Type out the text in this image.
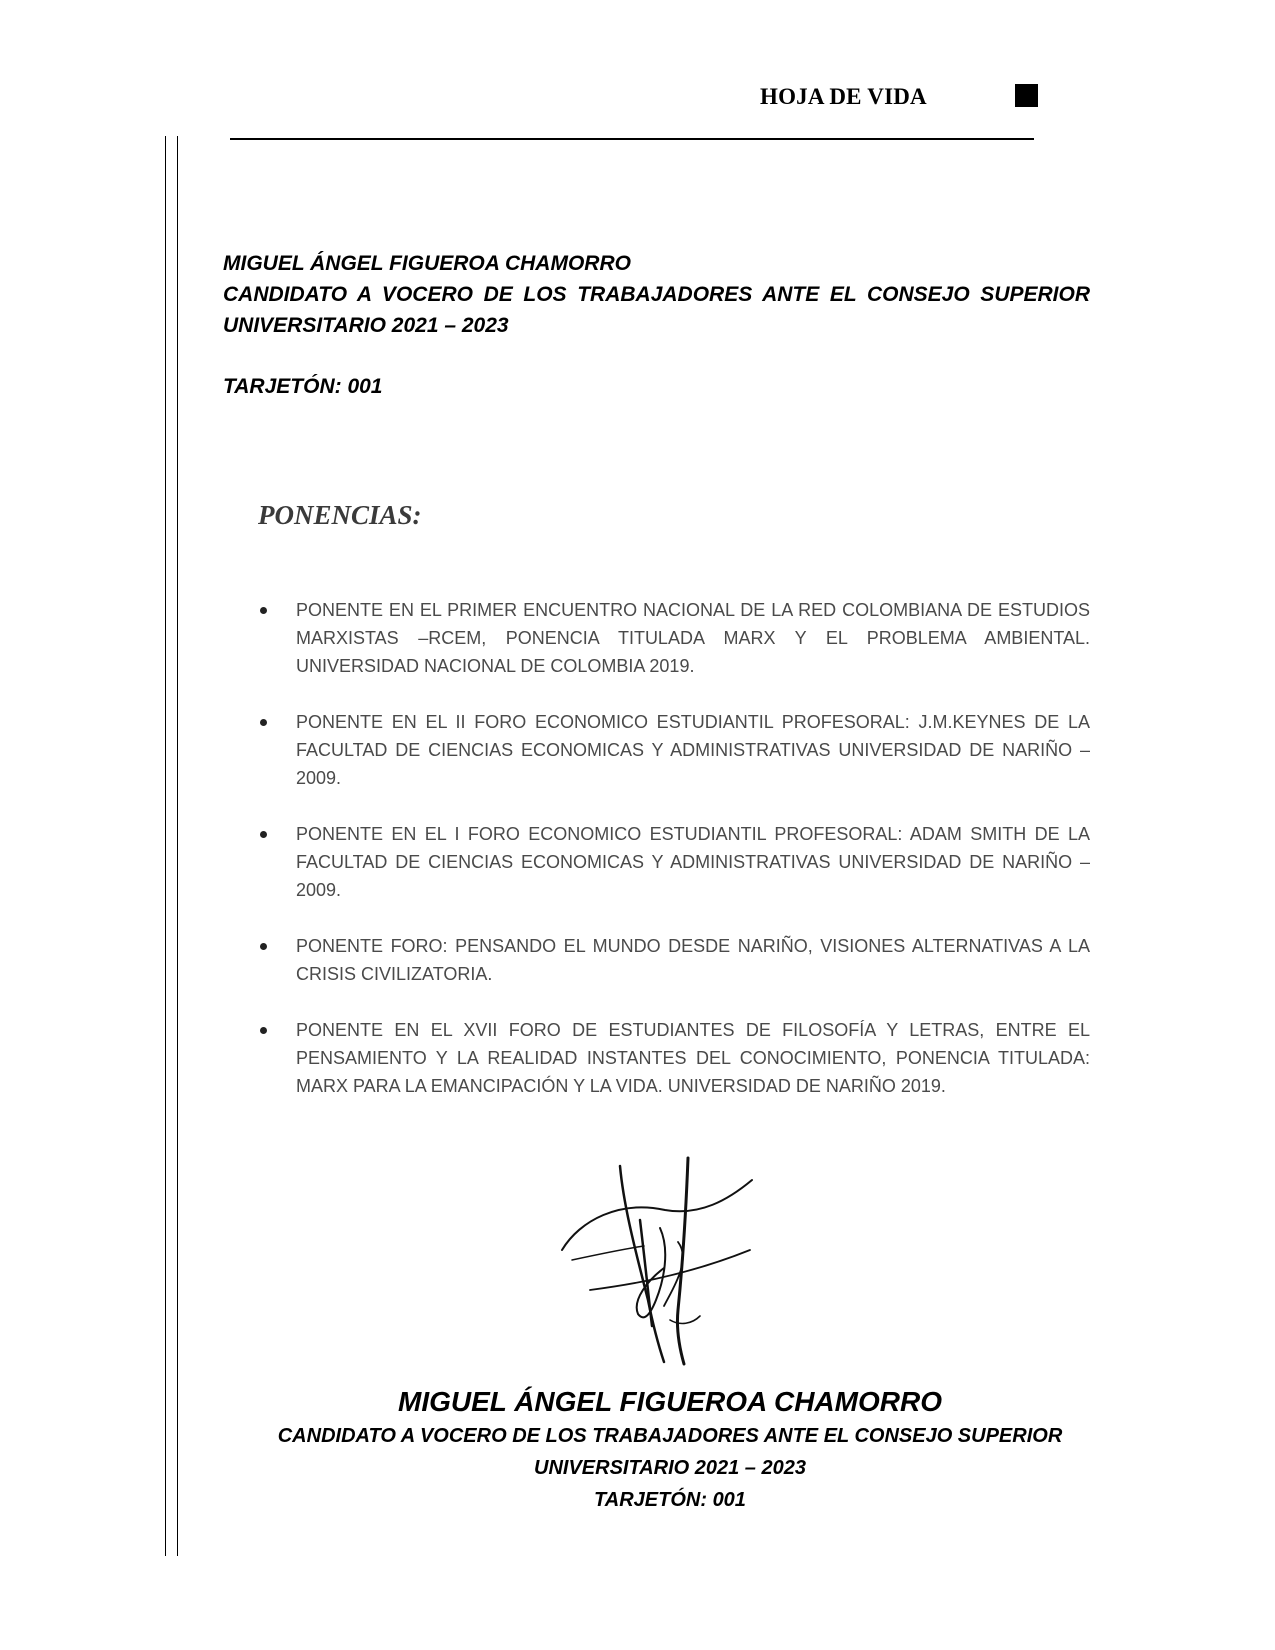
HOJA DE VIDA
MIGUEL ÁNGEL FIGUEROA CHAMORRO
CANDIDATO A VOCERO DE LOS TRABAJADORES ANTE EL CONSEJO SUPERIOR
UNIVERSITARIO 2021 – 2023
TARJETÓN: 001
PONENCIAS:
PONENTE EN EL PRIMER ENCUENTRO NACIONAL DE LA RED COLOMBIANA DE ESTUDIOS MARXISTAS –RCEM, PONENCIA TITULADA MARX Y EL PROBLEMA AMBIENTAL. UNIVERSIDAD NACIONAL DE COLOMBIA 2019.
PONENTE EN EL II FORO ECONOMICO ESTUDIANTIL PROFESORAL: J.M.KEYNES DE LA FACULTAD DE CIENCIAS ECONOMICAS Y ADMINISTRATIVAS UNIVERSIDAD DE NARIÑO – 2009.
PONENTE EN EL I FORO ECONOMICO ESTUDIANTIL PROFESORAL: ADAM SMITH DE LA FACULTAD DE CIENCIAS ECONOMICAS Y ADMINISTRATIVAS UNIVERSIDAD DE NARIÑO – 2009.
PONENTE FORO: PENSANDO EL MUNDO DESDE NARIÑO, VISIONES ALTERNATIVAS A LA CRISIS CIVILIZATORIA.
PONENTE EN EL XVII FORO DE ESTUDIANTES DE FILOSOFÍA Y LETRAS, ENTRE EL PENSAMIENTO Y LA REALIDAD INSTANTES DEL CONOCIMIENTO, PONENCIA TITULADA: MARX PARA LA EMANCIPACIÓN Y LA VIDA. UNIVERSIDAD DE NARIÑO 2019.
MIGUEL ÁNGEL FIGUEROA CHAMORRO
CANDIDATO A VOCERO DE LOS TRABAJADORES ANTE EL CONSEJO SUPERIOR
UNIVERSITARIO 2021 – 2023
TARJETÓN: 001
